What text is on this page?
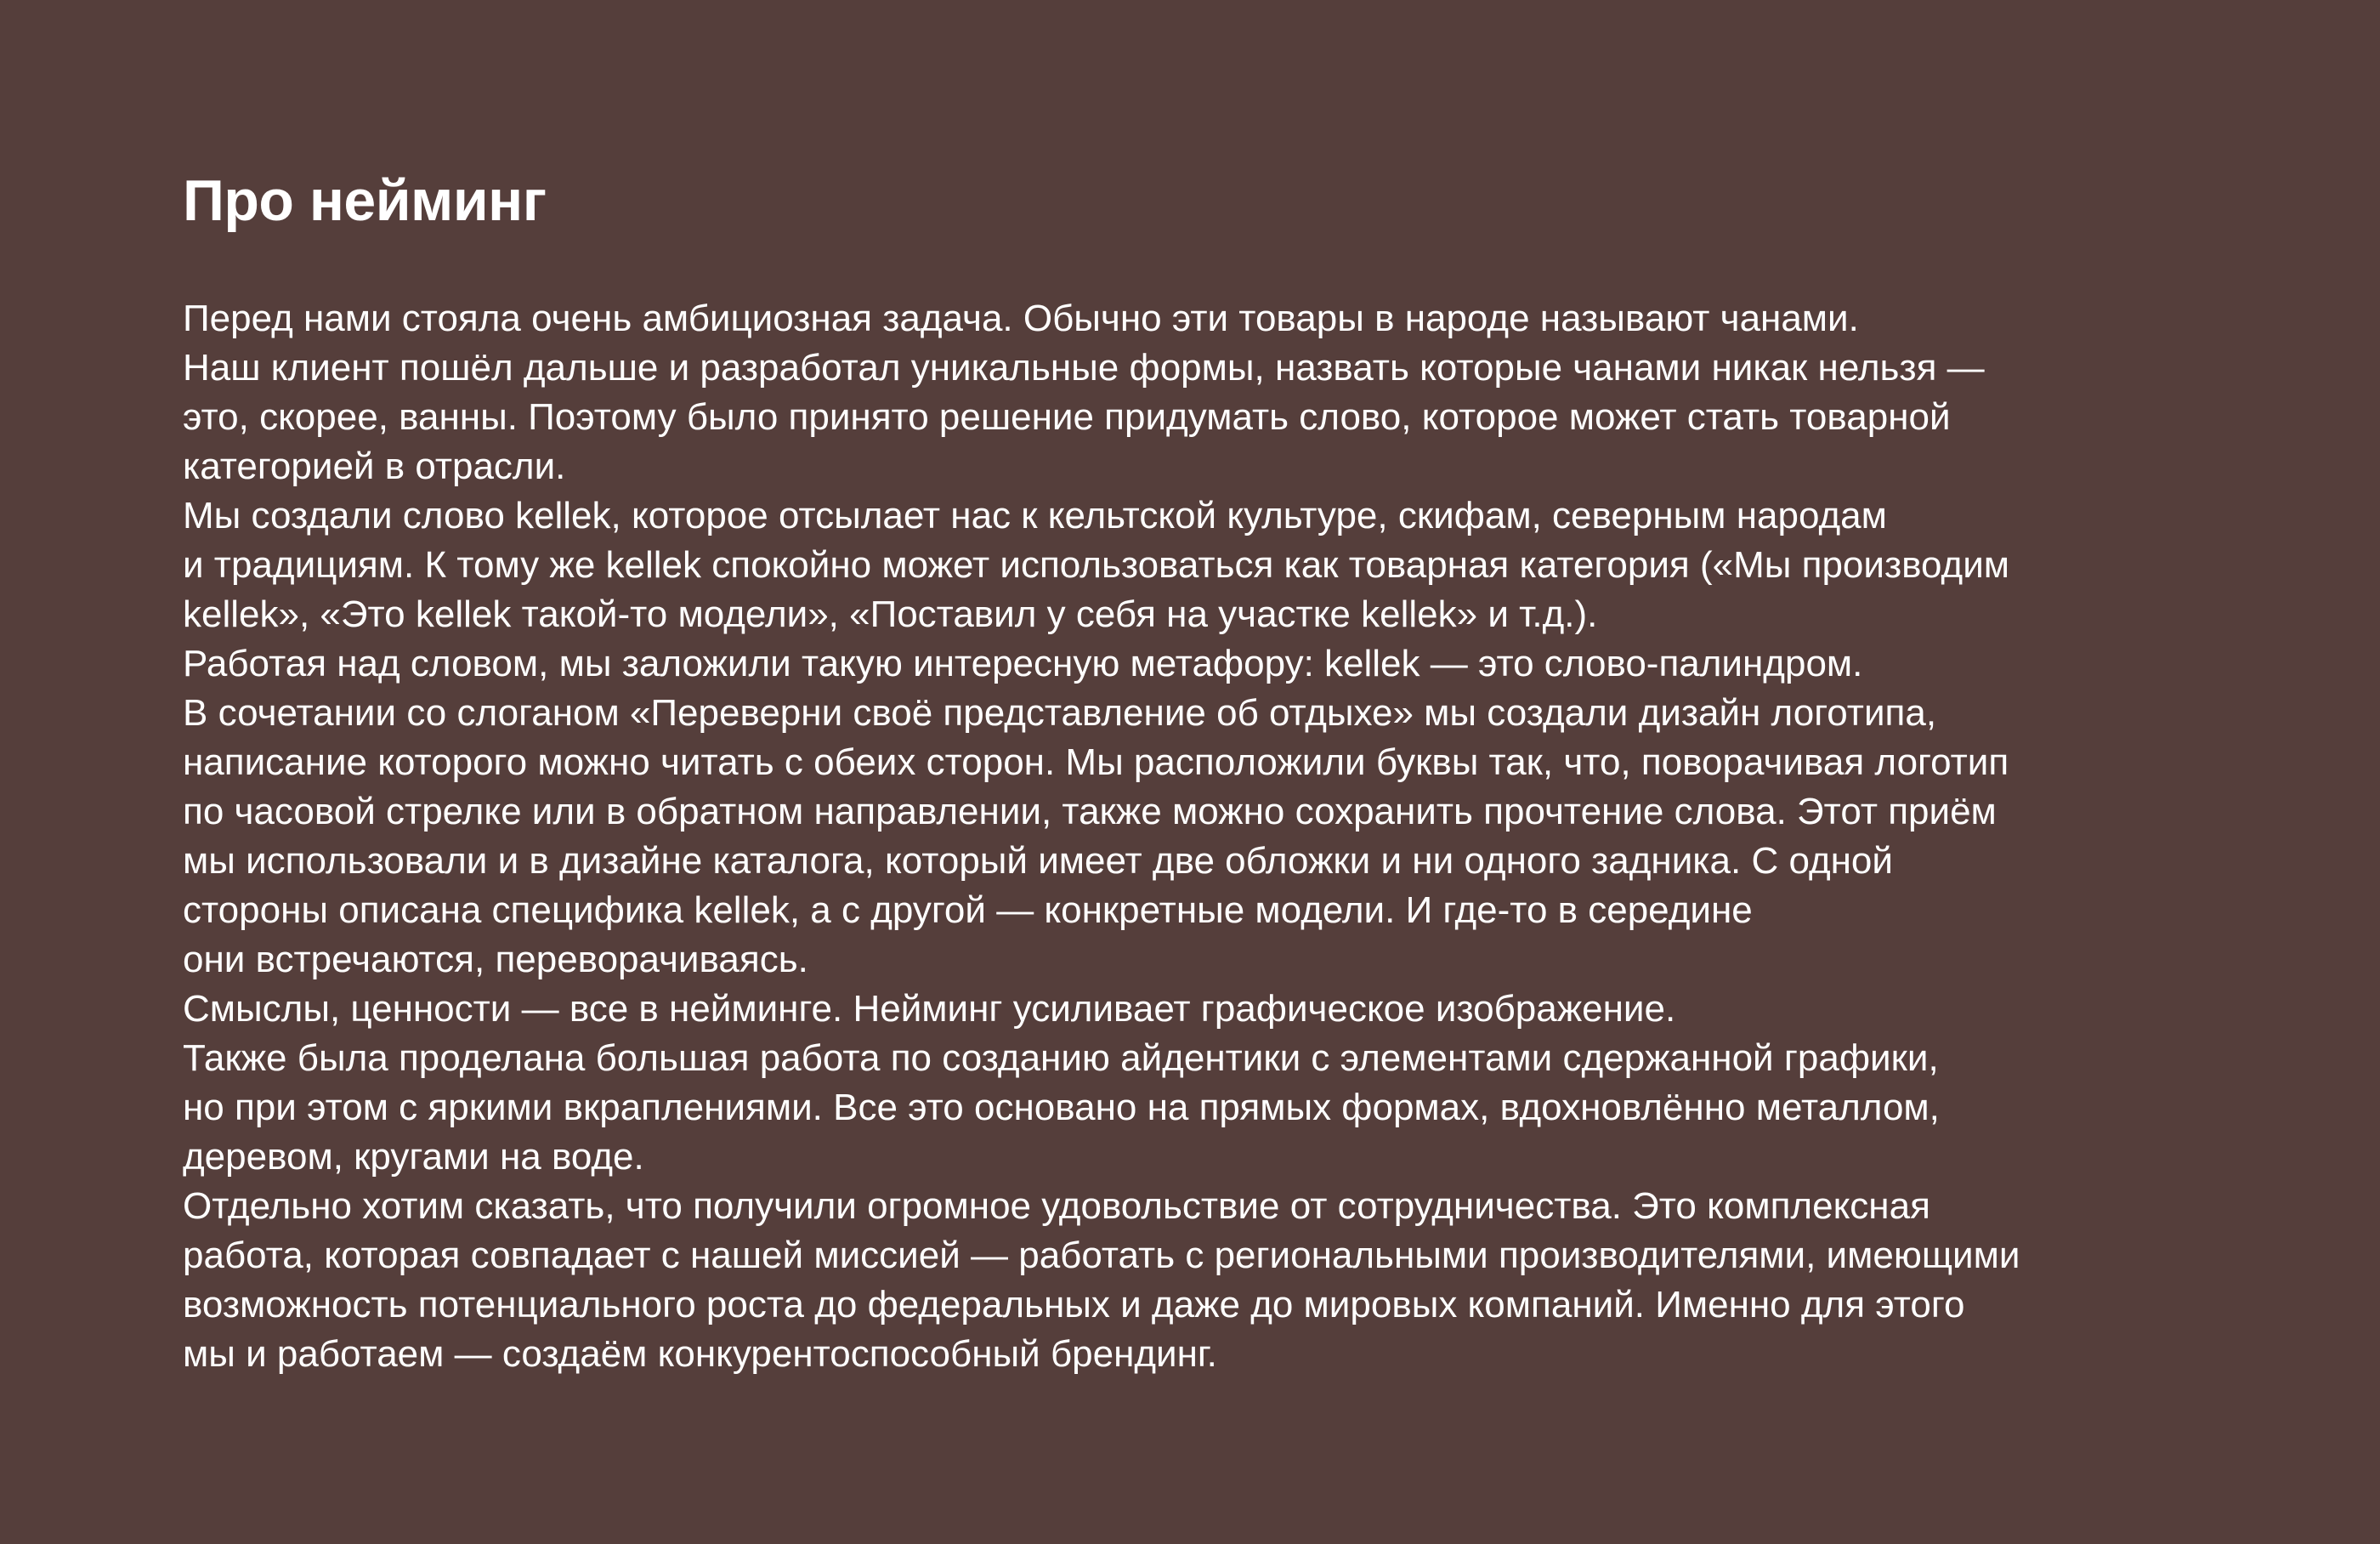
Про нейминг

Перед нами стояла очень амбициозная задача. Обычно эти товары в народе называют чанами.

Наш клиент пошёл дальше и разработал уникальные формы, назвать которые чанами никак нельзя —

это, скорее, ванны. Поэтому было принято решение придумать слово, которое может стать товарной

категорией в отрасли.

Мы создали слово kellek, которое отсылает нас к кельтской культуре, скифам, северным народам

и традициям. К тому же kellek спокойно может использоваться как товарная категория («Мы производим

kellek», «Это kellek такой-то модели», «Поставил у себя на участке kellek» и т.д.).

Работая над словом, мы заложили такую интересную метафору: kellek — это слово-палиндром.

В сочетании со слоганом «Переверни своё представление об отдыхе» мы создали дизайн логотипа,

написание которого можно читать с обеих сторон. Мы расположили буквы так, что, поворачивая логотип

по часовой стрелке или в обратном направлении, также можно сохранить прочтение слова. Этот приём

мы использовали и в дизайне каталога, который имеет две обложки и ни одного задника. С одной

стороны описана специфика kellek, а с другой — конкретные модели. И где-то в середине

они встречаются, переворачиваясь.

Смыслы, ценности — все в нейминге. Нейминг усиливает графическое изображение.

Также была проделана большая работа по созданию айдентики с элементами сдержанной графики,

но при этом с яркими вкраплениями. Все это основано на прямых формах, вдохновлённо металлом,

деревом, кругами на воде.

Отдельно хотим сказать, что получили огромное удовольствие от сотрудничества. Это комплексная

работа, которая совпадает с нашей миссией — работать с региональными производителями, имеющими

возможность потенциального роста до федеральных и даже до мировых компаний. Именно для этого

мы и работаем — создаём конкурентоспособный брендинг.
